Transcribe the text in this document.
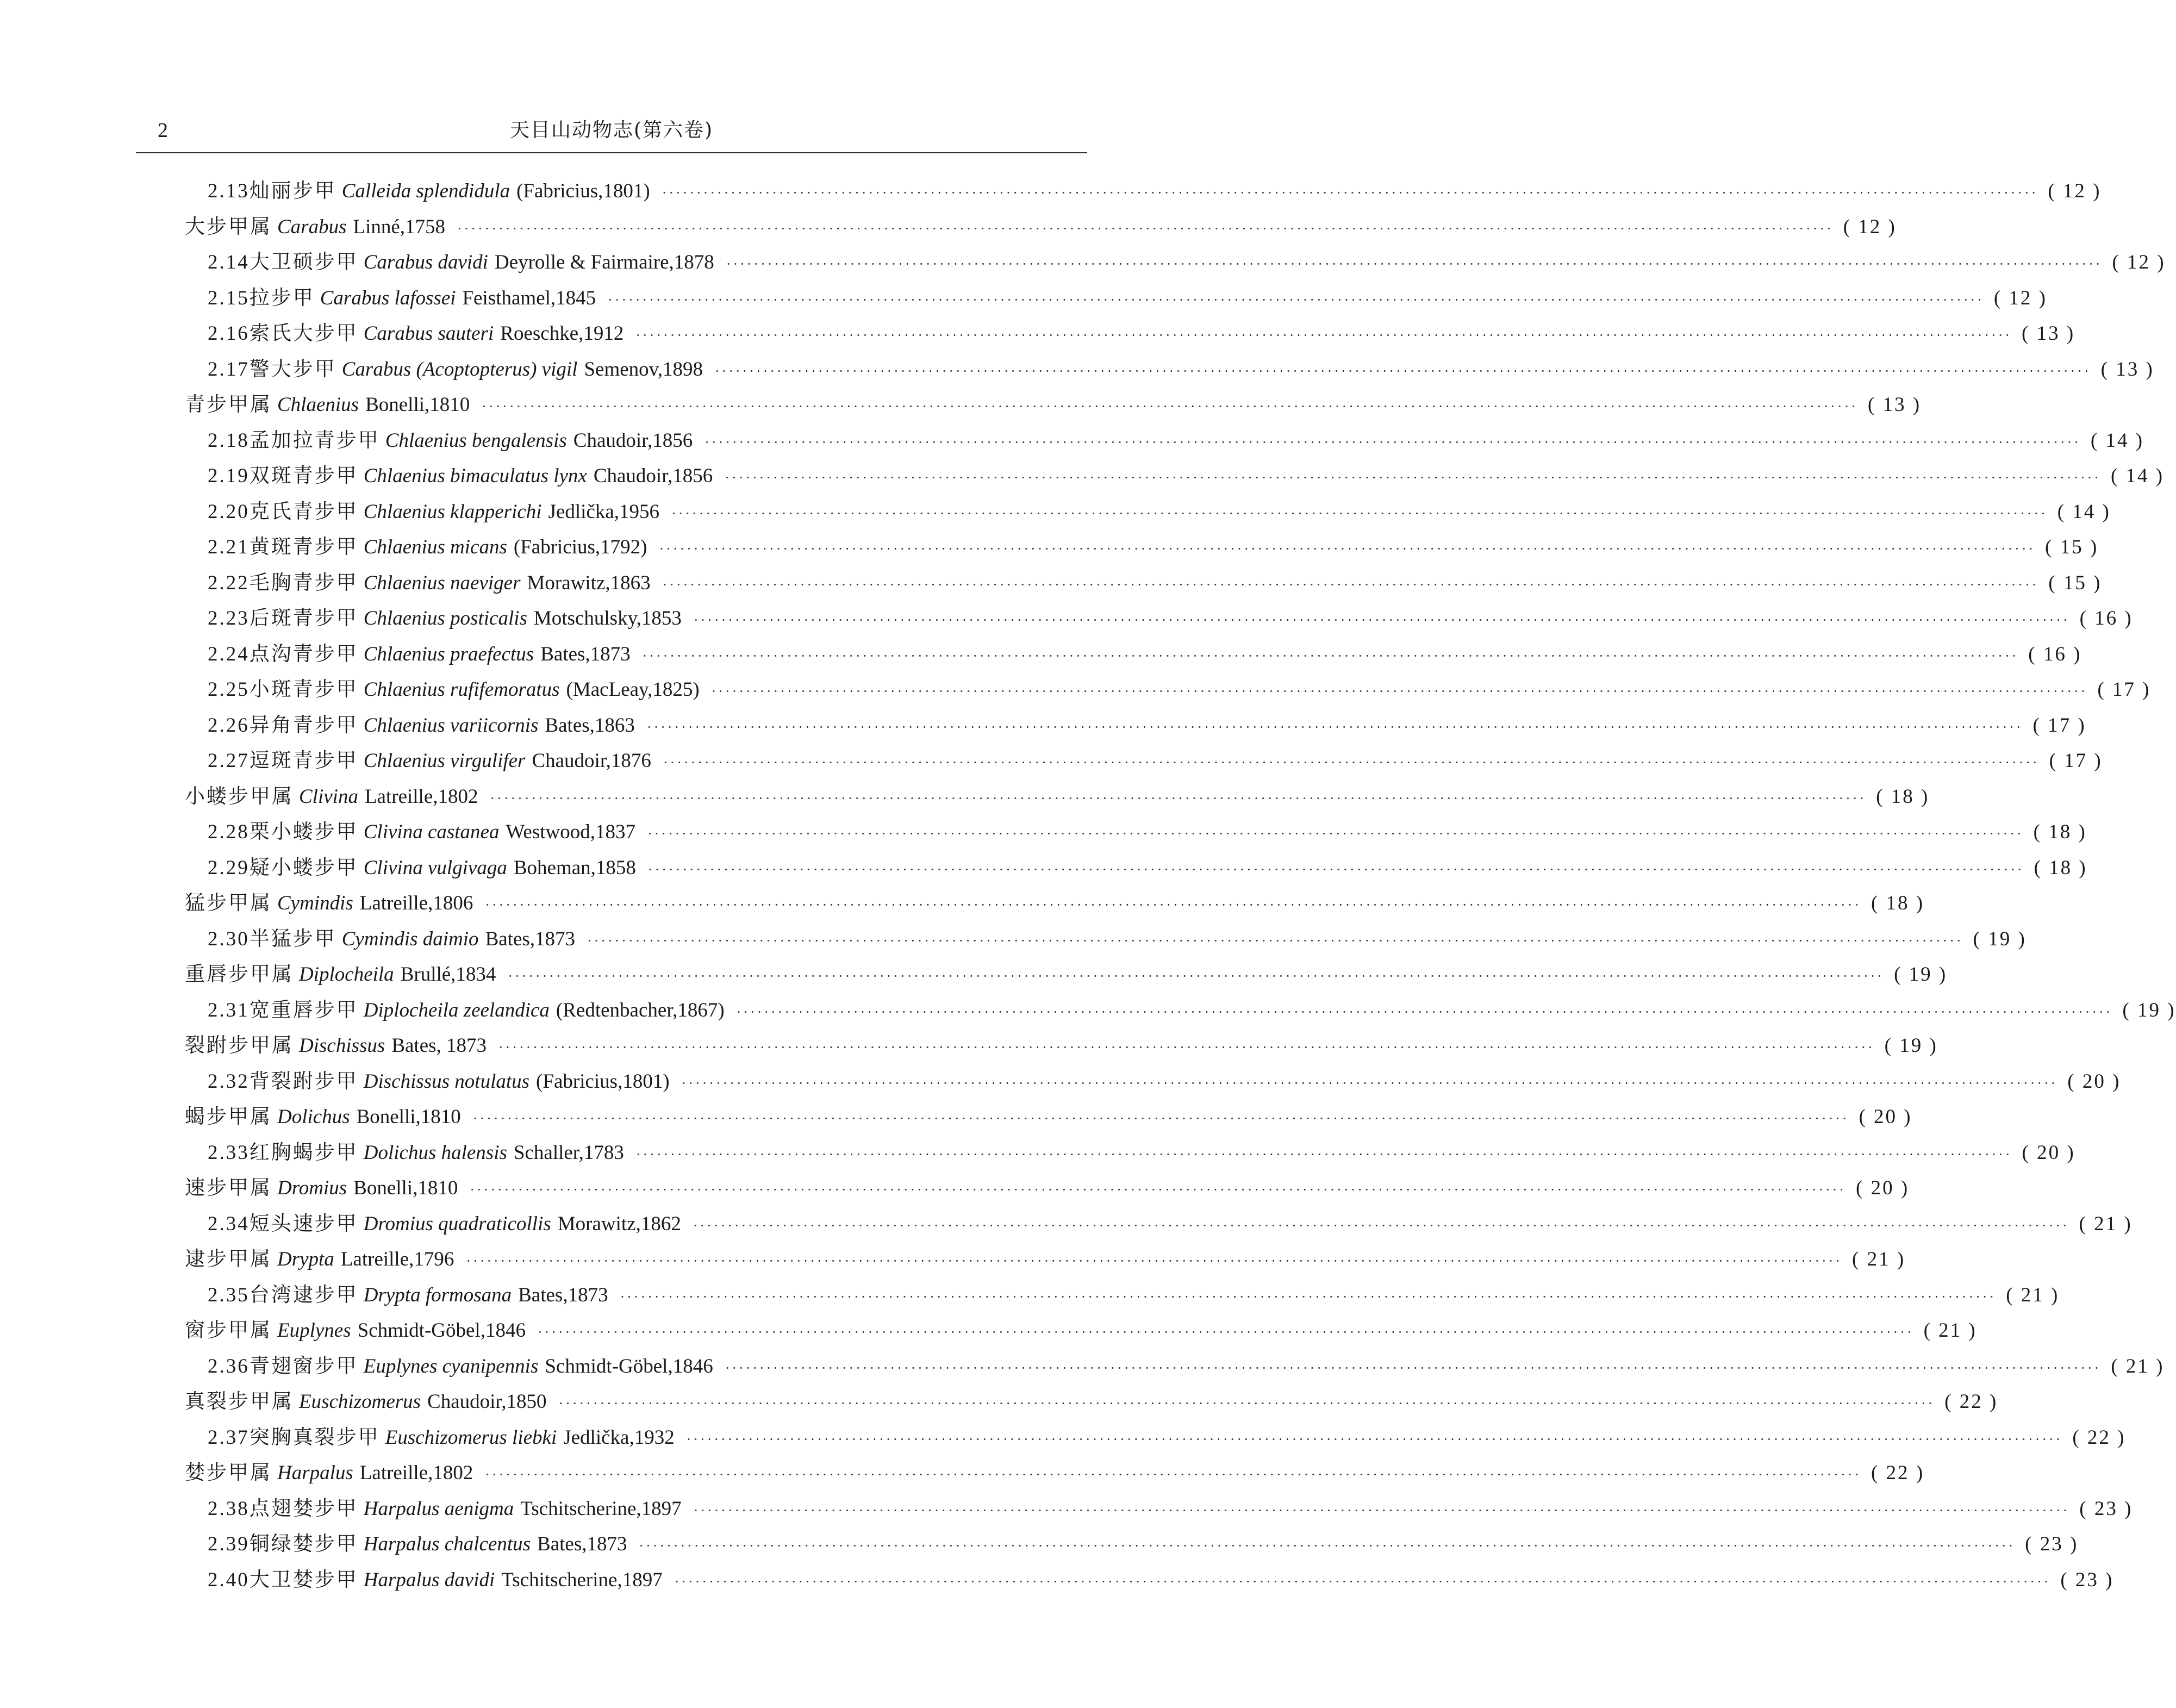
2	天目山动物志(第六卷)
2.13 灿丽步甲 Calleida splendidula (Fabricius,1801) ········································································································································································································ ( 12 )
大步甲属 Carabus Linné,1758 ········································································································································································································ ( 12 )
2.14 大卫硕步甲 Carabus davidi Deyrolle & Fairmaire,1878 ········································································································································································································ ( 12 )
2.15 拉步甲 Carabus lafossei Feisthamel,1845 ········································································································································································································ ( 12 )
2.16 索氏大步甲 Carabus sauteri Roeschke,1912 ········································································································································································································ ( 13 )
2.17 警大步甲 Carabus (Acoptopterus) vigil Semenov,1898 ········································································································································································································ ( 13 )
青步甲属 Chlaenius Bonelli,1810 ········································································································································································································ ( 13 )
2.18 孟加拉青步甲 Chlaenius bengalensis Chaudoir,1856 ········································································································································································································ ( 14 )
2.19 双斑青步甲 Chlaenius bimaculatus lynx Chaudoir,1856 ········································································································································································································ ( 14 )
2.20 克氏青步甲 Chlaenius klapperichi Jedlička,1956 ········································································································································································································ ( 14 )
2.21 黄斑青步甲 Chlaenius micans (Fabricius,1792) ········································································································································································································ ( 15 )
2.22 毛胸青步甲 Chlaenius naeviger Morawitz,1863 ········································································································································································································ ( 15 )
2.23 后斑青步甲 Chlaenius posticalis Motschulsky,1853 ········································································································································································································ ( 16 )
2.24 点沟青步甲 Chlaenius praefectus Bates,1873 ········································································································································································································ ( 16 )
2.25 小斑青步甲 Chlaenius rufifemoratus (MacLeay,1825) ········································································································································································································ ( 17 )
2.26 异角青步甲 Chlaenius variicornis Bates,1863 ········································································································································································································ ( 17 )
2.27 逗斑青步甲 Chlaenius virgulifer Chaudoir,1876 ········································································································································································································ ( 17 )
小蝼步甲属 Clivina Latreille,1802 ········································································································································································································ ( 18 )
2.28 栗小蝼步甲 Clivina castanea Westwood,1837 ········································································································································································································ ( 18 )
2.29 疑小蝼步甲 Clivina vulgivaga Boheman,1858 ········································································································································································································ ( 18 )
猛步甲属 Cymindis Latreille,1806 ········································································································································································································ ( 18 )
2.30 半猛步甲 Cymindis daimio Bates,1873 ········································································································································································································ ( 19 )
重唇步甲属 Diplocheila Brullé,1834 ········································································································································································································ ( 19 )
2.31 宽重唇步甲 Diplocheila zeelandica (Redtenbacher,1867) ········································································································································································································ ( 19 )
裂跗步甲属 Dischissus Bates, 1873 ········································································································································································································ ( 19 )
2.32 背裂跗步甲 Dischissus notulatus (Fabricius,1801) ········································································································································································································ ( 20 )
蝎步甲属 Dolichus Bonelli,1810 ········································································································································································································ ( 20 )
2.33 红胸蝎步甲 Dolichus halensis Schaller,1783 ········································································································································································································ ( 20 )
速步甲属 Dromius Bonelli,1810 ········································································································································································································ ( 20 )
2.34 短头速步甲 Dromius quadraticollis Morawitz,1862 ········································································································································································································ ( 21 )
逮步甲属 Drypta Latreille,1796 ········································································································································································································ ( 21 )
2.35 台湾逮步甲 Drypta formosana Bates,1873 ········································································································································································································ ( 21 )
窗步甲属 Euplynes Schmidt-Göbel,1846 ········································································································································································································ ( 21 )
2.36 青翅窗步甲 Euplynes cyanipennis Schmidt-Göbel,1846 ········································································································································································································ ( 21 )
真裂步甲属 Euschizomerus Chaudoir,1850 ········································································································································································································ ( 22 )
2.37 突胸真裂步甲 Euschizomerus liebki Jedlička,1932 ········································································································································································································ ( 22 )
婪步甲属 Harpalus Latreille,1802 ········································································································································································································ ( 22 )
2.38 点翅婪步甲 Harpalus aenigma Tschitscherine,1897 ········································································································································································································ ( 23 )
2.39 铜绿婪步甲 Harpalus chalcentus Bates,1873 ········································································································································································································ ( 23 )
2.40 大卫婪步甲 Harpalus davidi Tschitscherine,1897 ········································································································································································································ ( 23 )
